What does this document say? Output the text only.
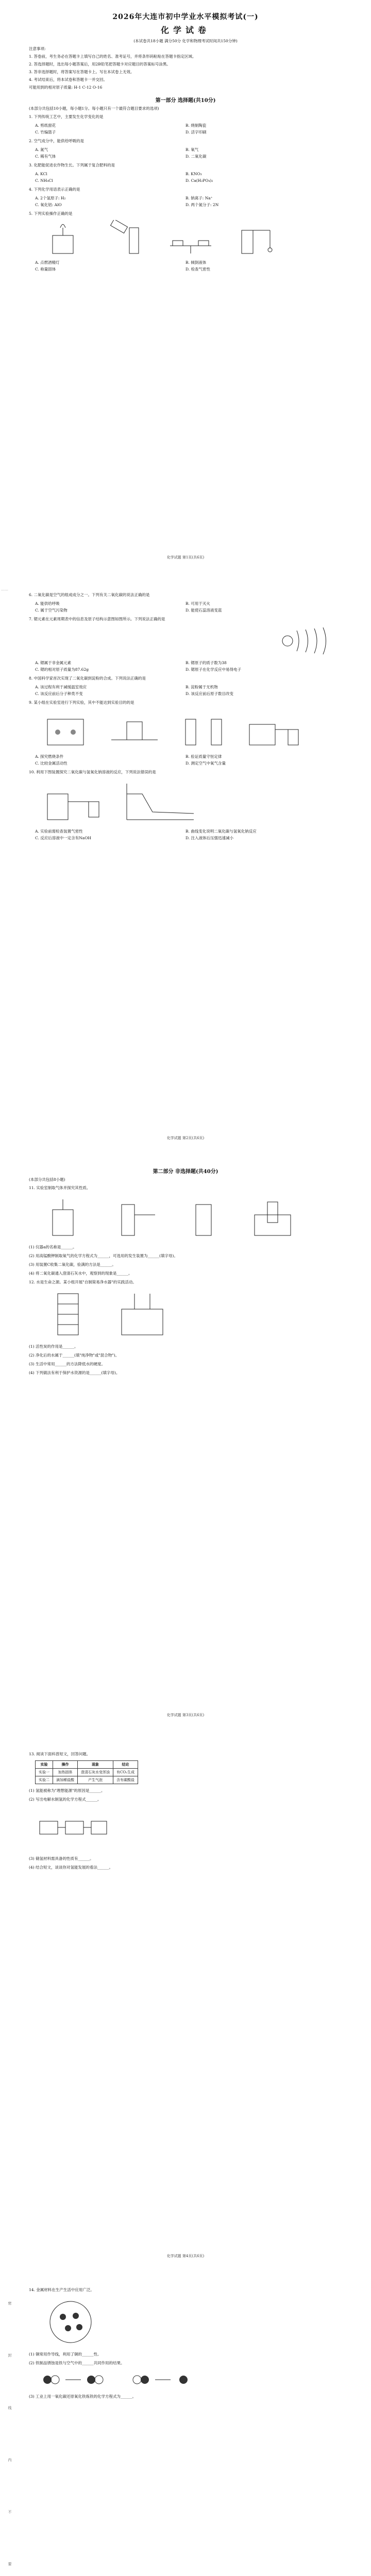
……
2026年大连市初中学业水平模拟考试(一)
化学试卷
(本试卷共18小题 满分50分 化学和物理考试时间共150分钟)
注意事项:
1. 答卷前，考生务必在答题卡上填写自己的姓名、准考证号，并将条形码粘贴在答题卡指定区域。
2. 答选择题时，选出每小题答案后，用2B铅笔把答题卡对应题目的答案标号涂黑。
3. 答非选择题时，将答案写在答题卡上。写在本试卷上无效。
4. 考试结束后，将本试卷和答题卡一并交回。
可能用到的相对原子质量: H-1 C-12 O-16
第一部分 选择题(共10分)
(本部分共包括10小题，每小题1分。每小题只有一个最符合题目要求的选项)
1. 下列传统工艺中，主要发生化学变化的是
A. 剪纸窗花	B. 烧制陶瓷
C. 竹编篮子	D. 活字印刷
2. 空气成分中，能供给呼吸的是
A. 氮气	B. 氧气
C. 稀有气体	D. 二氧化碳
3. 化肥能促进农作物生长。下列属于复合肥料的是
A. KCl	B. KNO₃
C. NH₄Cl	D. Ca(H₂PO₄)₂
4. 下列化学用语表示正确的是
A. 2个氢原子: H₂	B. 钠离子: Na⁺
C. 氧化铝: AlO	D. 两个氮分子: 2N
5. 下列实验操作正确的是
A. 点燃酒精灯	B. 倾倒液体
C. 称量固体	D. 检查气密性
化学试题 第1页(共6页)
6. 二氧化碳是空气的组成成分之一。下列有关二氧化碳的说法正确的是
A. 能供给呼吸	B. 可用于灭火
C. 属于空气污染物	D. 能使石蕊溶液变蓝
7. 锶元素在元素周期表中的信息及原子结构示意图如图所示。下列说法正确的是
A. 锶属于非金属元素	B. 锶原子的质子数为38
C. 锶的相对原子质量为87.62g	D. 锶原子在化学反应中易得电子
8. 中国科学家首次实现了二氧化碳到淀粉的合成。下列说法正确的是
A. 该过程有利于减缓温室效应	B. 淀粉属于无机物
C. 该反应前后分子种类不变	D. 该反应前后原子数目改变
9. 某小组在实验室进行下列实验，其中不能达到实验目的的是
A. 探究燃烧条件	B. 验证质量守恒定律
C. 比较金属活动性	D. 测定空气中氧气含量
10. 利用下图装置探究二氧化碳与氢氧化钠溶液的反应，下列说法错误的是
A. 实验前需检查装置气密性	B. 曲线变化说明二氧化碳与氢氧化钠反应
C. 反应后溶液中一定含有NaOH	D. 注入液体后压强迅速减小
化学试题 第2页(共6页)
第二部分 非选择题(共40分)
(本部分共包括8小题)
11. 实验室制取气体并探究其性质。
(1) 仪器a的名称是______。
(2) 用高锰酸钾制取氧气的化学方程式为______，可选用的发生装置为______(填字母)。
(3) 用装置C收集二氧化碳，验满的方法是______。
(4) 将二氧化碳通入澄清石灰水中，观察到的现象是______。
12. 水是生命之源。某小组开展"自制简易净水器"的实践活动。
(1) 活性炭的作用是______。
(2) 净化后的水属于______(填"纯净物"或"混合物")。
(3) 生活中常用______的方法降低水的硬度。
(4) 下列做法有利于保护水资源的是______(填字母)。
化学试题 第3页(共6页)
13. 阅读下面科普短文，回答问题。
实验	操作	现象	结论
实验一	加热固体	澄清石灰水变浑浊	有CO₂生成
实验二	滴加稀盐酸	产生气泡	含有碳酸盐
(1) 氢能被称为"理想能源"的原因是______。
(2) 写出电解水制氢的化学方程式______。
(3) 储氢材料需具备的性质有______。
(4) 结合短文，谈谈你对氢能发展的看法______。
化学试题 第4页(共6页)
密
封
线
内
不
要
14. 金属材料在生产生活中应用广泛。
(1) 铜常用作导线，利用了铜的______性。
(2) 铁制品锈蚀是铁与空气中的______共同作用的结果。
(3) 工业上用一氧化碳还原氧化铁炼铁的化学方程式为______。
